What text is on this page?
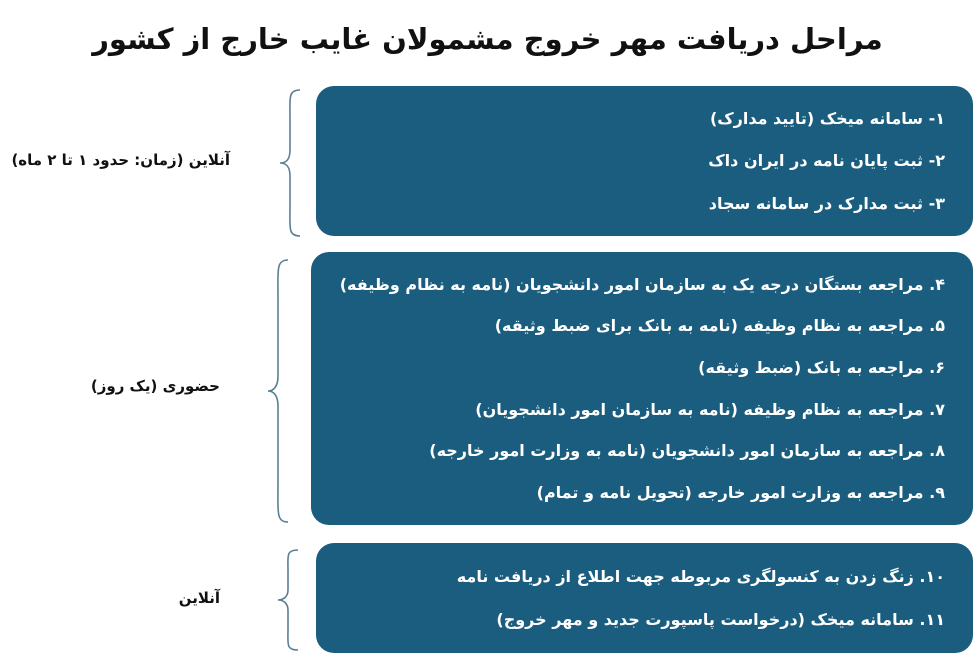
مراحل دریافت مهر خروج مشمولان غایب خارج از کشور
آنلاین (زمان: حدود ۱ تا ۲ ماه)
۱- سامانه میخک (تایید مدارک)
۲- ثبت پایان نامه در ایران داک
۳- ثبت مدارک در سامانه سجاد
حضوری (یک روز)
۴. مراجعه بستگان درجه یک به سازمان امور دانشجویان (نامه به نظام وظیفه)
۵. مراجعه به نظام وظیفه (نامه به بانک برای ضبط وثیقه)
۶. مراجعه به بانک (ضبط وثیقه)
۷. مراجعه به نظام وظیفه (نامه به سازمان امور دانشجویان)
۸. مراجعه به سازمان امور دانشجویان (نامه به وزارت امور خارجه)
۹. مراجعه به وزارت امور خارجه (تحویل نامه و تمام)
آنلاین
۱۰. زنگ زدن به کنسولگری مربوطه جهت اطلاع از دریافت نامه
۱۱. سامانه میخک (درخواست پاسپورت جدید و مهر خروج)
